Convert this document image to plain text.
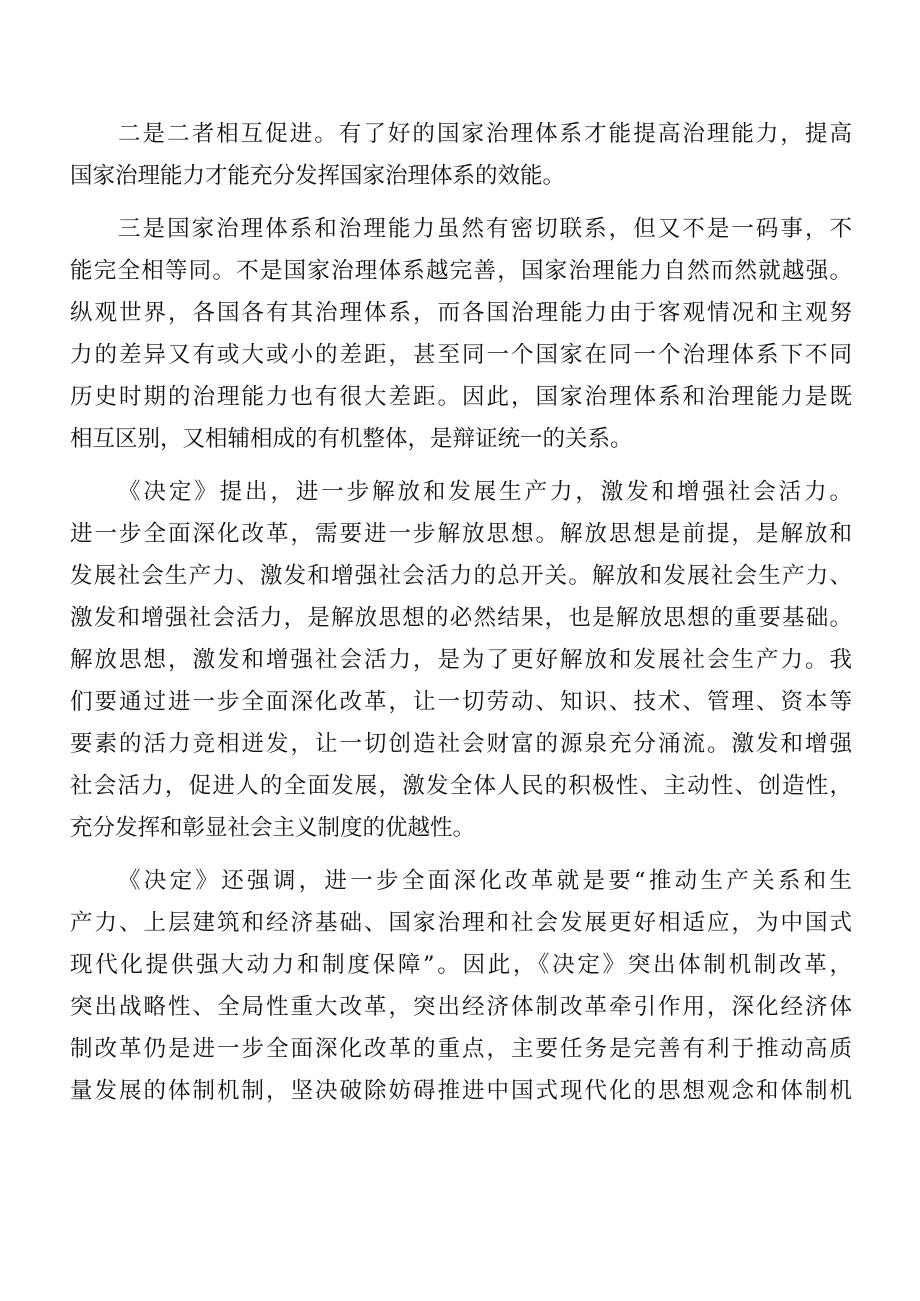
二是二者相互促进。有了好的国家治理体系才能提高治理能力，提高
国家治理能力才能充分发挥国家治理体系的效能。
三是国家治理体系和治理能力虽然有密切联系，但又不是一码事，不
能完全相等同。不是国家治理体系越完善，国家治理能力自然而然就越强。
纵观世界，各国各有其治理体系，而各国治理能力由于客观情况和主观努
力的差异又有或大或小的差距，甚至同一个国家在同一个治理体系下不同
历史时期的治理能力也有很大差距。因此，国家治理体系和治理能力是既
相互区别，又相辅相成的有机整体，是辩证统一的关系。
《决定》提出，进一步解放和发展生产力，激发和增强社会活力。
进一步全面深化改革，需要进一步解放思想。解放思想是前提，是解放和
发展社会生产力、激发和增强社会活力的总开关。解放和发展社会生产力、
激发和增强社会活力，是解放思想的必然结果，也是解放思想的重要基础。
解放思想，激发和增强社会活力，是为了更好解放和发展社会生产力。我
们要通过进一步全面深化改革，让一切劳动、知识、技术、管理、资本等
要素的活力竞相迸发，让一切创造社会财富的源泉充分涌流。激发和增强
社会活力，促进人的全面发展，激发全体人民的积极性、主动性、创造性，
充分发挥和彰显社会主义制度的优越性。
《决定》还强调，进一步全面深化改革就是要“推动生产关系和生
产力、上层建筑和经济基础、国家治理和社会发展更好相适应，为中国式
现代化提供强大动力和制度保障”。因此，《决定》突出体制机制改革，
突出战略性、全局性重大改革，突出经济体制改革牵引作用，深化经济体
制改革仍是进一步全面深化改革的重点，主要任务是完善有利于推动高质
量发展的体制机制，坚决破除妨碍推进中国式现代化的思想观念和体制机
